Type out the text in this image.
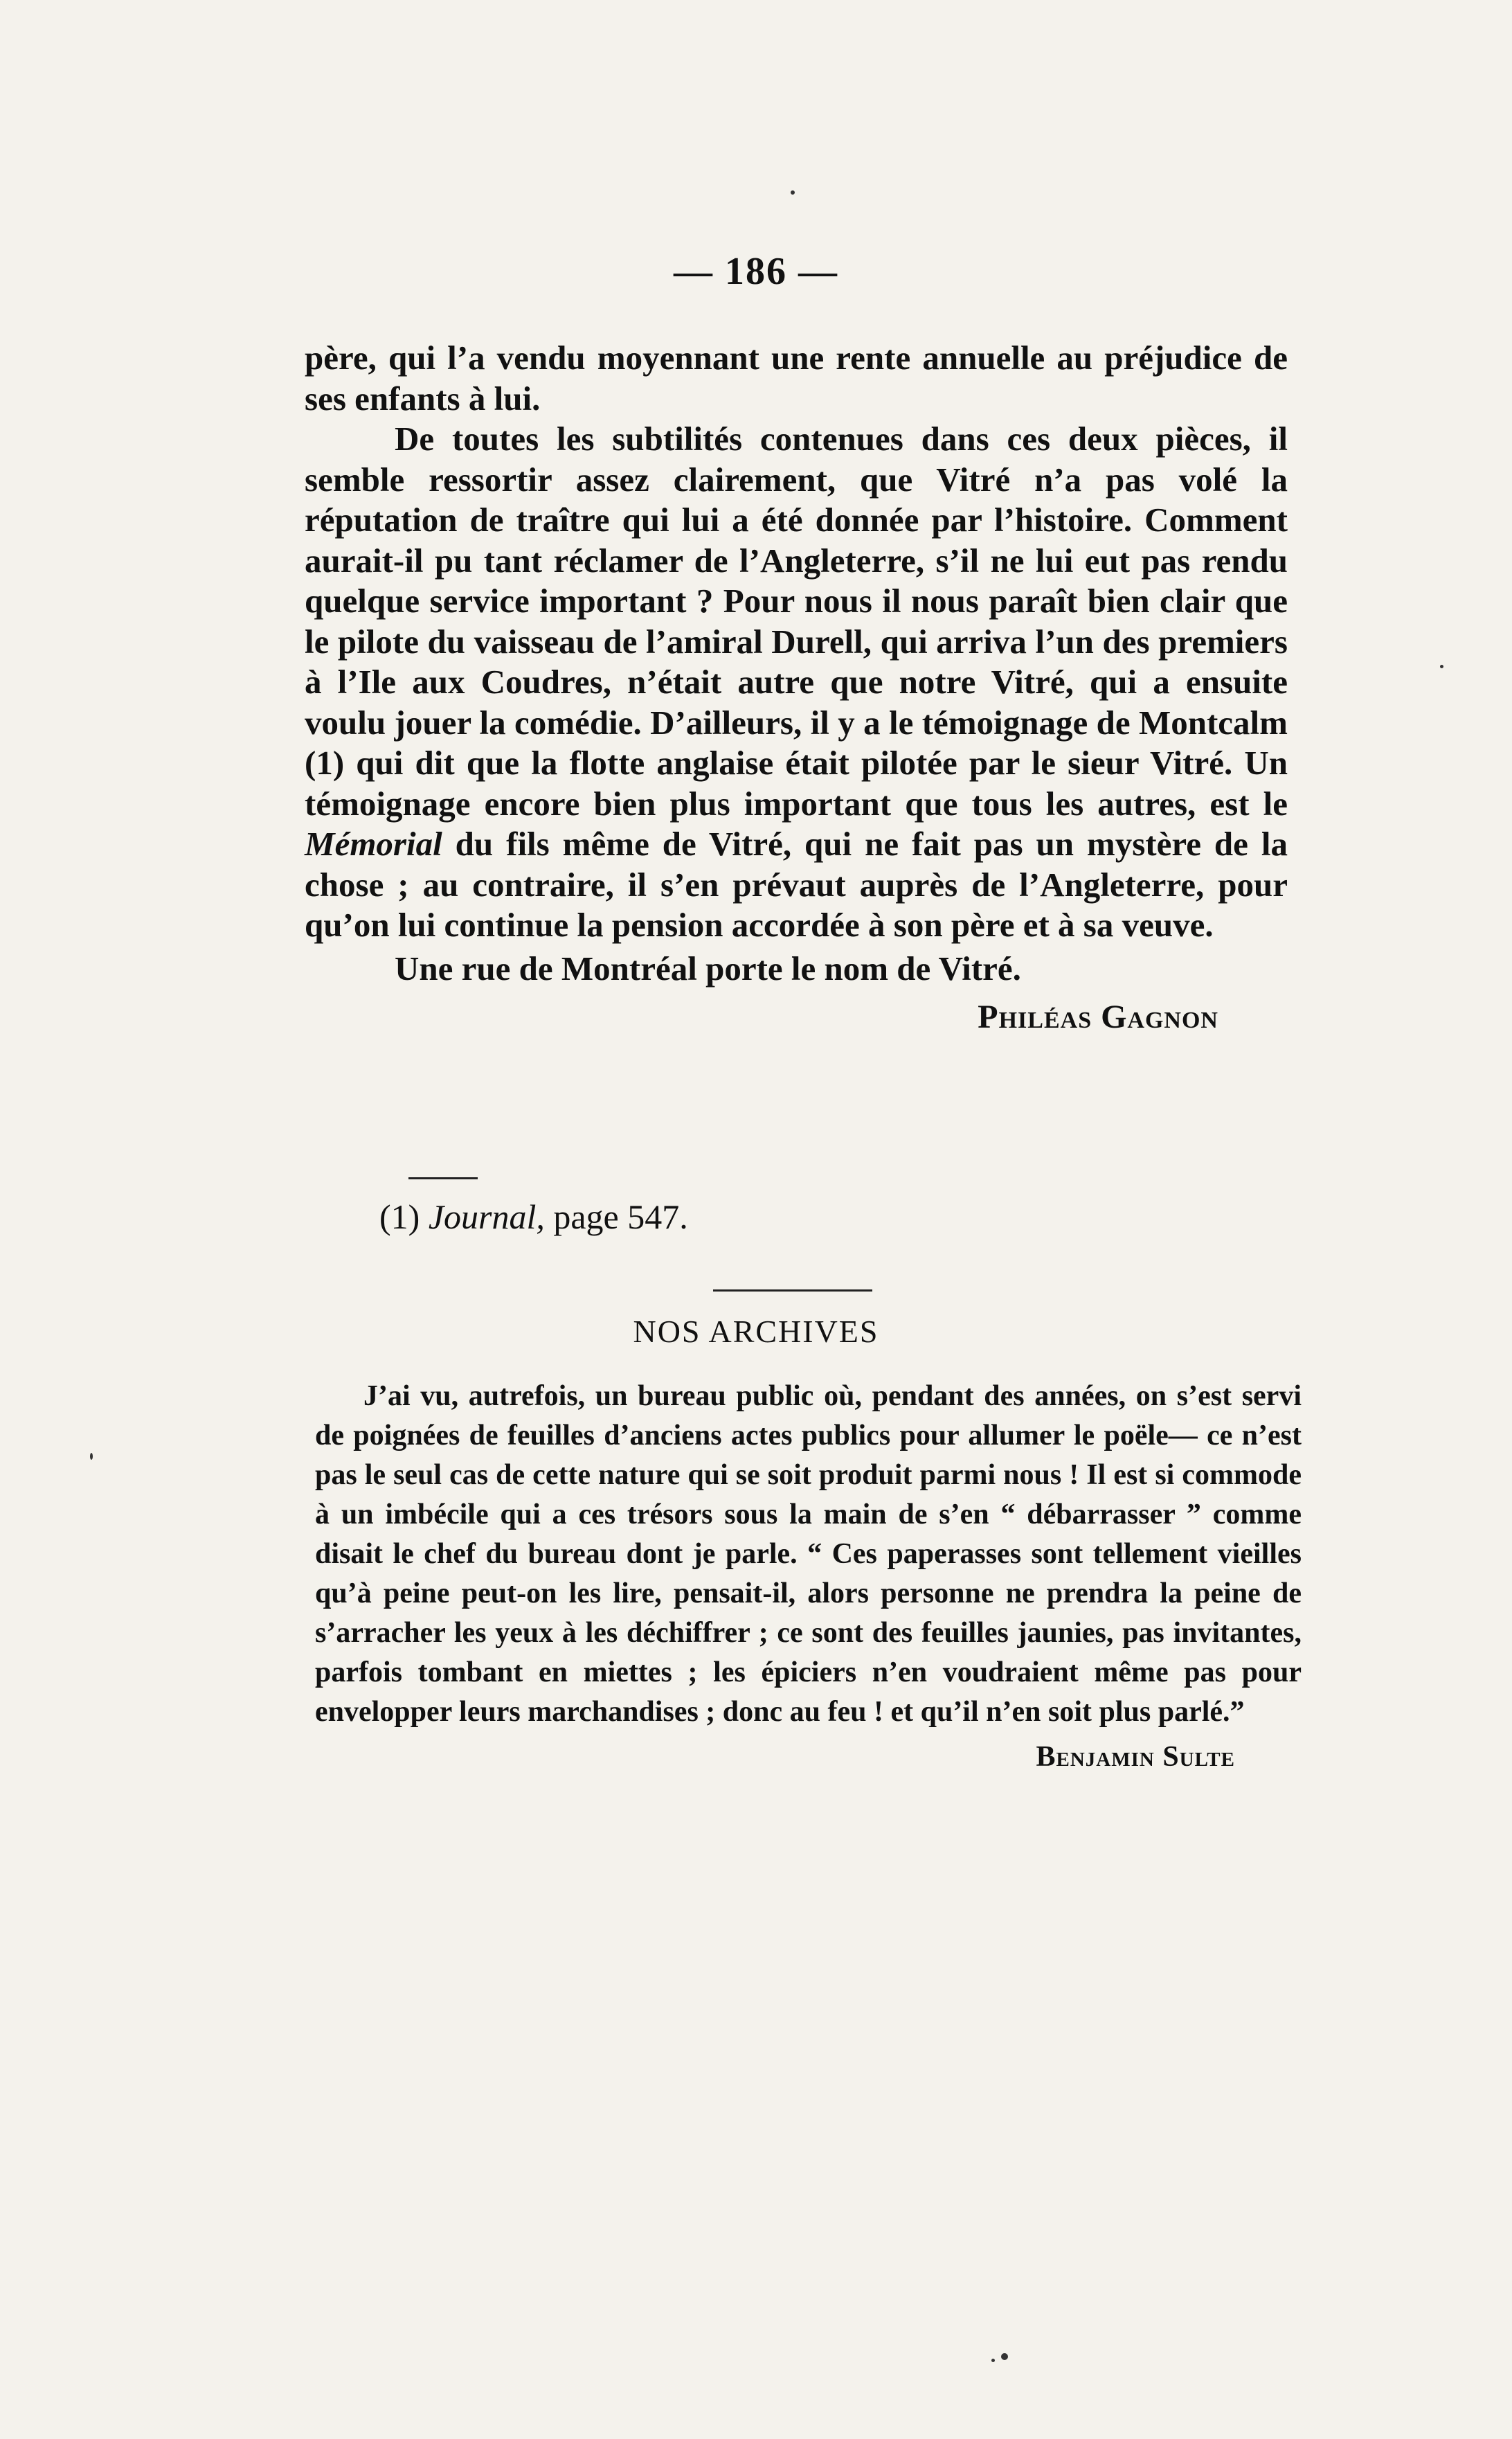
— 186 —

père, qui l’a vendu moyennant une rente annuelle au préjudice de ses enfants à lui.

De toutes les subtilités contenues dans ces deux pièces, il semble ressortir assez clairement, que Vitré n’a pas volé la réputation de traître qui lui a été donnée par l’histoire. Comment aurait-il pu tant réclamer de l’Angleterre, s’il ne lui eut pas rendu quelque service important ? Pour nous il nous paraît bien clair que le pilote du vaisseau de l’amiral Durell, qui arriva l’un des premiers à l’Ile aux Coudres, n’était autre que notre Vitré, qui a ensuite voulu jouer la comédie. D’ailleurs, il y a le témoignage de Montcalm (1) qui dit que la flotte anglaise était pilotée par le sieur Vitré. Un témoignage encore bien plus important que tous les autres, est le Mémorial du fils même de Vitré, qui ne fait pas un mystère de la chose ; au contraire, il s’en prévaut auprès de l’Angleterre, pour qu’on lui continue la pension accordée à son père et à sa veuve.

Une rue de Montréal porte le nom de Vitré.

Philéas Gagnon
(1) Journal, page 547.
NOS ARCHIVES

J’ai vu, autrefois, un bureau public où, pendant des années, on s’est servi de poignées de feuilles d’anciens actes publics pour allumer le poële— ce n’est pas le seul cas de cette nature qui se soit produit parmi nous ! Il est si commode à un imbécile qui a ces trésors sous la main de s’en “ débarrasser ” comme disait le chef du bureau dont je parle. “ Ces paperasses sont tellement vieilles qu’à peine peut-on les lire, pensait-il, alors personne ne prendra la peine de s’arracher les yeux à les déchiffrer ; ce sont des feuilles jaunies, pas invitantes, parfois tombant en miettes ; les épiciers n’en voudraient même pas pour envelopper leurs marchandises ; donc au feu ! et qu’il n’en soit plus parlé.”

Benjamin Sulte
